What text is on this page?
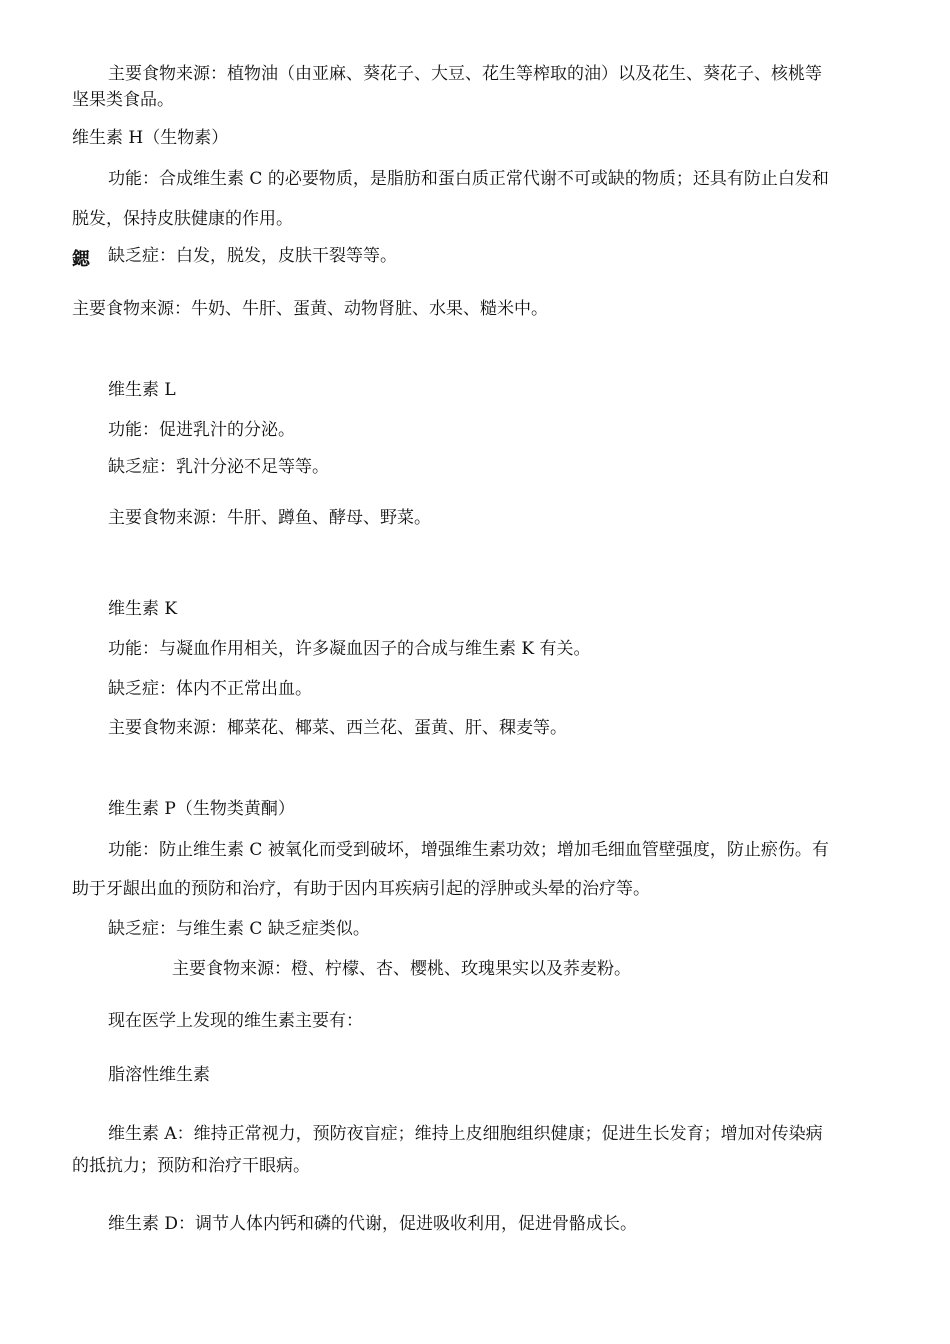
主要食物来源：植物油（由亚麻、葵花子、大豆、花生等榨取的油）以及花生、葵花子、核桃等
坚果类食品。
维生素 H（生物素）
功能：合成维生素 C 的必要物质，是脂肪和蛋白质正常代谢不可或缺的物质；还具有防止白发和
脱发，保持皮肤健康的作用。
鍶 缺乏症：白发，脱发，皮肤干裂等等。
主要食物来源：牛奶、牛肝、蛋黄、动物肾脏、水果、糙米中。
维生素 L
功能：促进乳汁的分泌。
缺乏症：乳汁分泌不足等等。
主要食物来源：牛肝、蹲鱼、酵母、野菜。
维生素 K
功能：与凝血作用相关，许多凝血因子的合成与维生素 K 有关。
缺乏症：体内不正常出血。
主要食物来源：椰菜花、椰菜、西兰花、蛋黄、肝、稞麦等。
维生素 P（生物类黄酮）
功能：防止维生素 C 被氧化而受到破坏，增强维生素功效；增加毛细血管壁强度，防止瘀伤。有
助于牙龈出血的预防和治疗，有助于因内耳疾病引起的浮肿或头晕的治疗等。
缺乏症：与维生素 C 缺乏症类似。
主要食物来源：橙、柠檬、杏、樱桃、玫瑰果实以及荞麦粉。
现在医学上发现的维生素主要有：
脂溶性维生素
维生素 A：维持正常视力，预防夜盲症；维持上皮细胞组织健康；促进生长发育；增加对传染病
的抵抗力；预防和治疗干眼病。
维生素 D：调节人体内钙和磷的代谢，促进吸收利用，促进骨骼成长。
